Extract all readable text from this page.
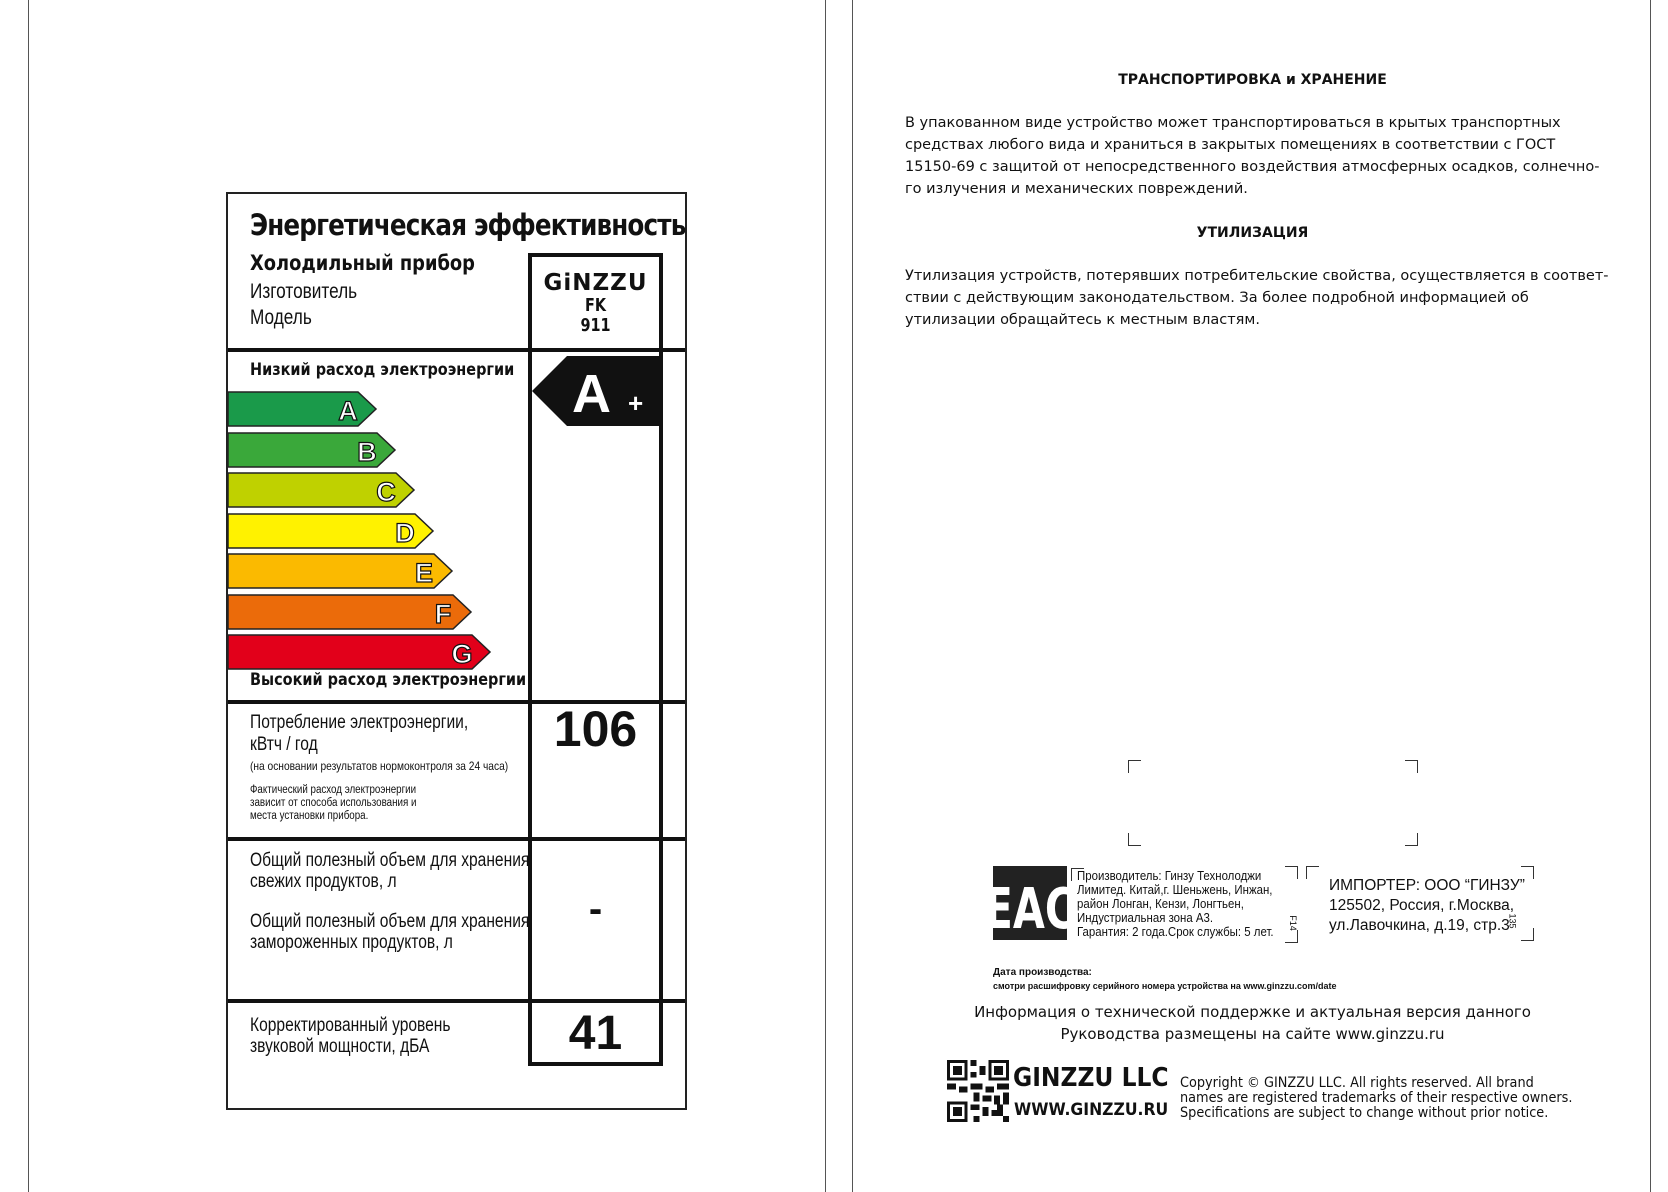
Энергетическая эффективность
Холодильный прибор
Изготовитель
Модель
GiNZZU
FK
911
Низкий расход электроэнергии
A
B
C
D
E
F
G
A +
Высокий расход электроэнергии
Потребление электроэнергии,
кВтч / год
(на основании результатов нормоконтроля за 24 часа)
Фактический расход электроэнергии
зависит от способа использования и
места установки прибора.
106
Общий полезный объем для хранения
свежих продуктов, л
Общий полезный объем для хранения
замороженных продуктов, л
-
Корректированный уровень
звуковой мощности, дБА	41
ТРАНСПОРТИРОВКА и ХРАНЕНИЕ
В упакованном виде устройство может транспортироваться в крытых транспортных
средствах любого вида и храниться в закрытых помещениях в соответствии с ГОСТ
15150-69 с защитой от непосредственного воздействия атмосферных осадков, солнечно-
го излучения и механических повреждений.
УТИЛИЗАЦИЯ
Утилизация устройств, потерявших потребительские свойства, осуществляется в соответ-
ствии с действующим законодательством. За более подробной информацией об
утилизации обращайтесь к местным властям.
EAC
Производитель: Гинзу Технолоджи
Лимитед. Китай,г. Шеньжень, Инжан,
район Лонган, Кензи, Лонгтьен,
Индустриальная зона А3.
Гарантия: 2 года.Срок службы: 5 лет.
F14
ИМПОРТЕР: ООО “ГИНЗУ”
125502, Россия, г.Москва,
ул.Лавочкина, д.19, стр.3
135
Дата производства:
смотри расшифровку серийного номера устройства на www.ginzzu.com/date
Информация о технической поддержке и актуальная версия данного
Руководства размещены на сайте www.ginzzu.ru
GINZZU LLC
WWW.GINZZU.RU
Copyright © GINZZU LLC. All rights reserved. All brand
names are registered trademarks of their respective owners.
Specifications are subject to change without prior notice.
